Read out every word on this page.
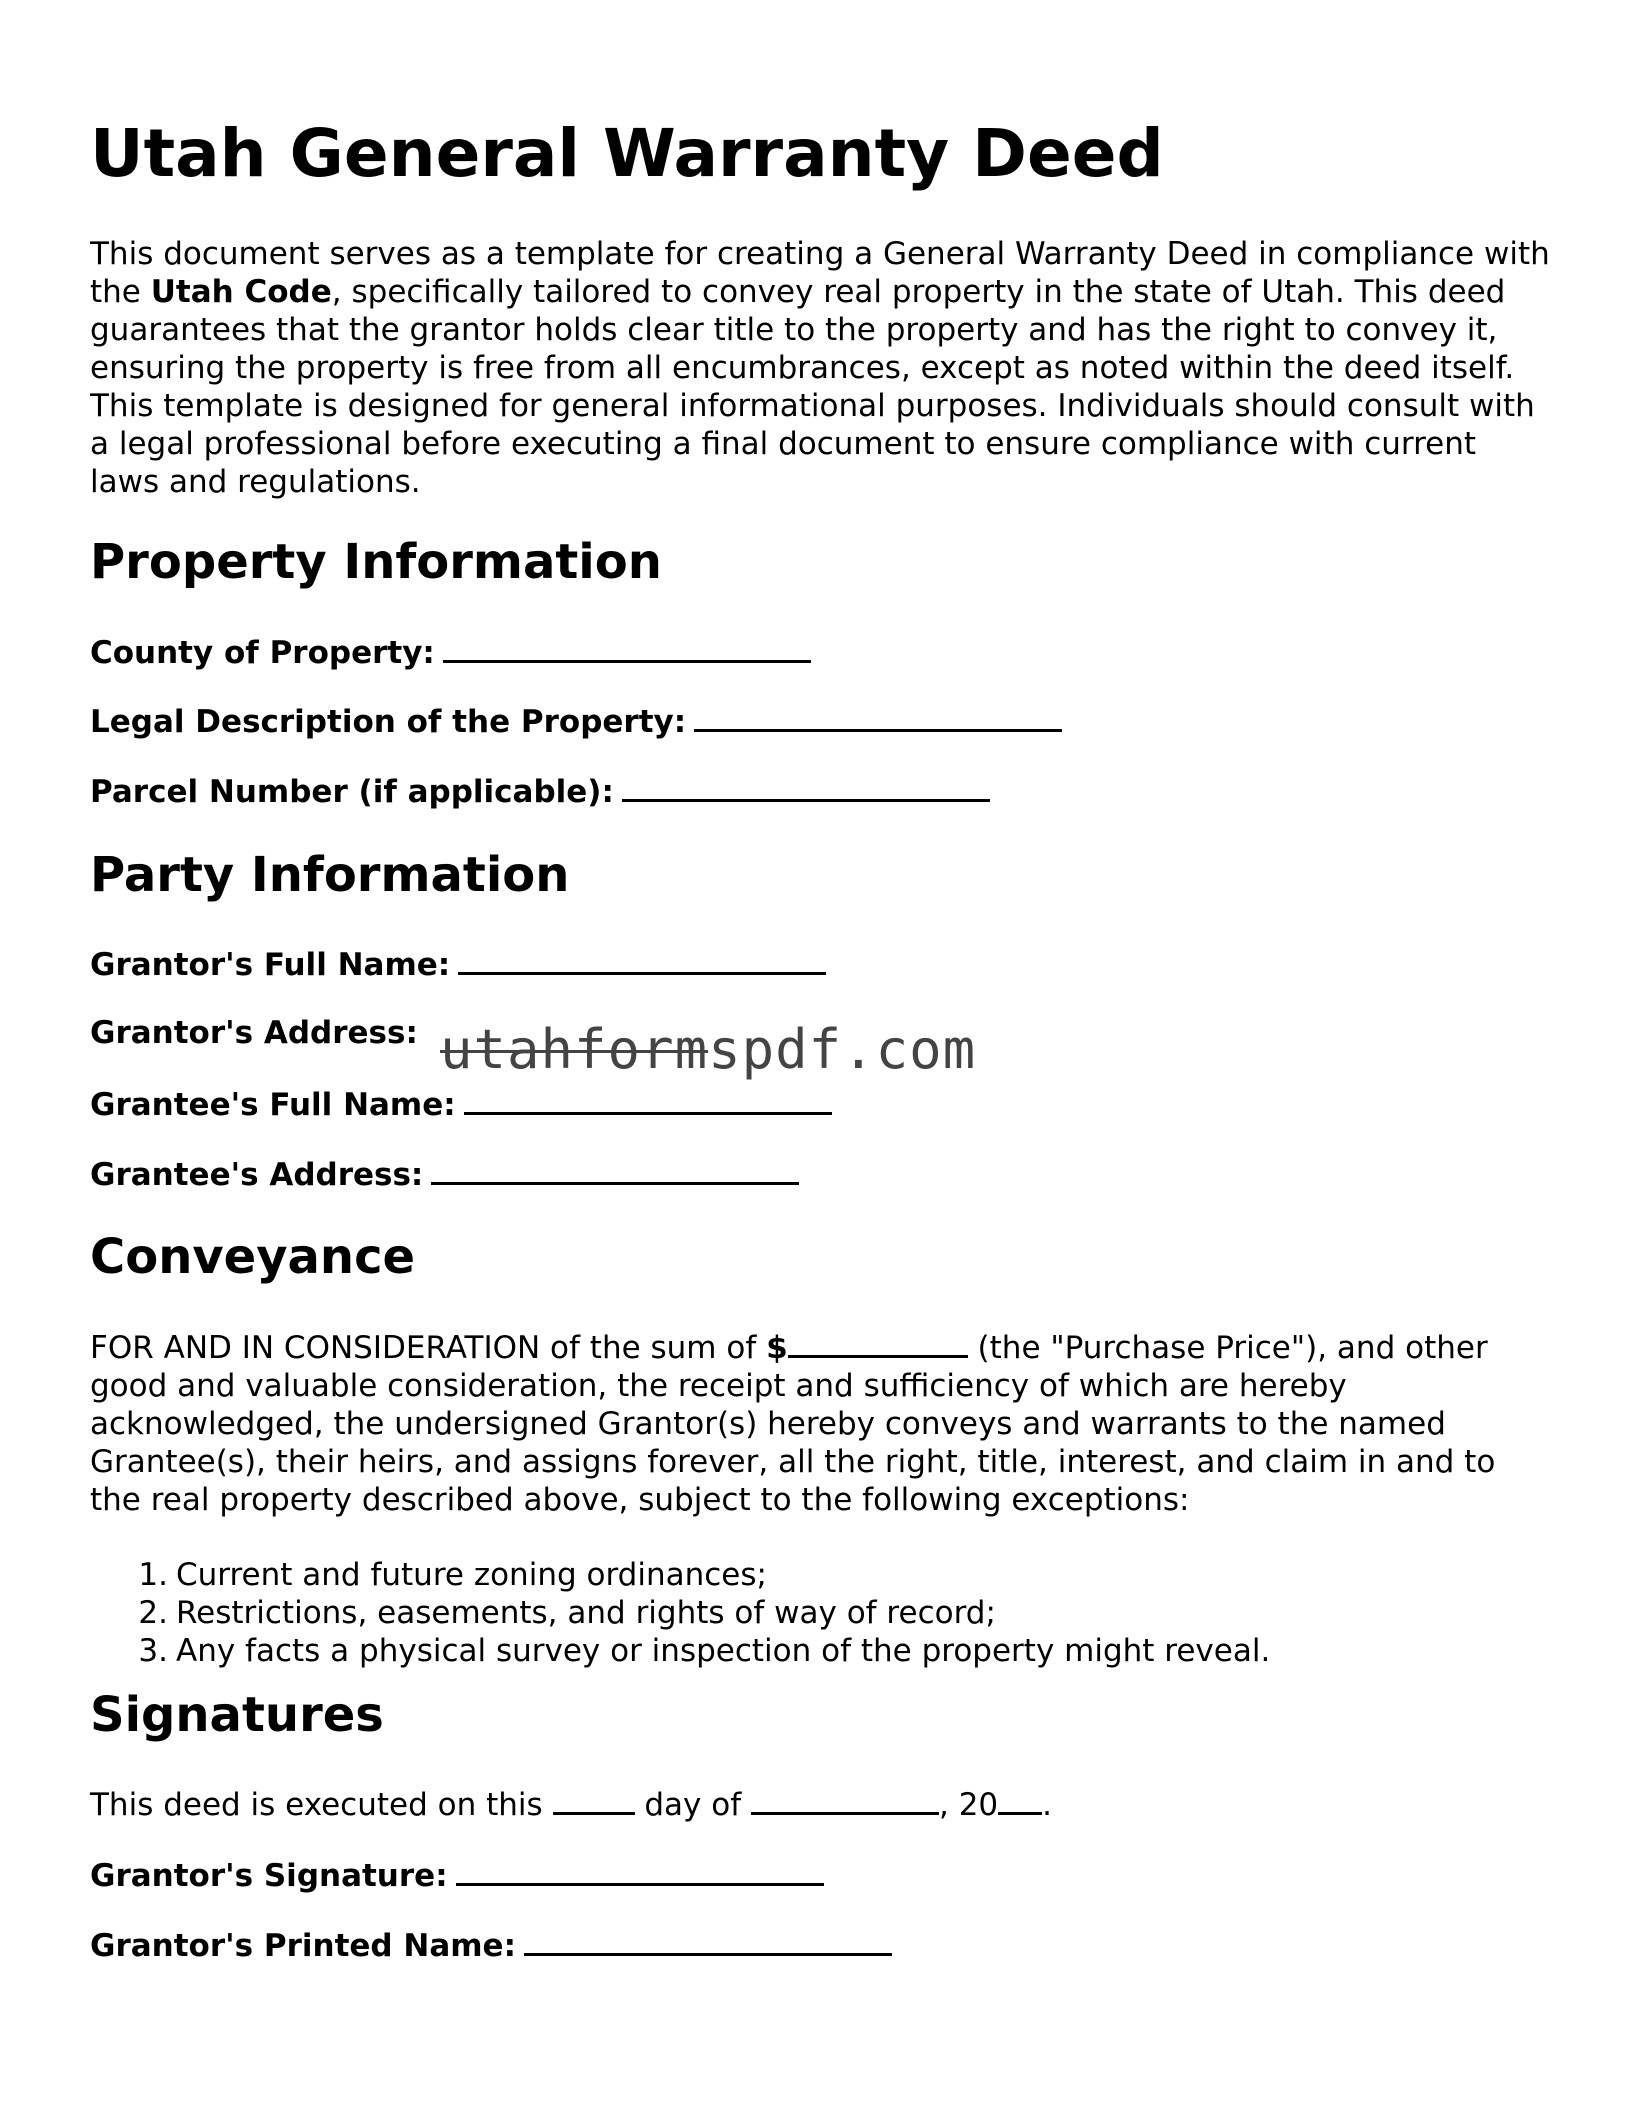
Utah General Warranty Deed

This document serves as a template for creating a General Warranty Deed in compliance with the Utah Code, specifically tailored to convey real property in the state of Utah. This deed guarantees that the grantor holds clear title to the property and has the right to convey it, ensuring the property is free from all encumbrances, except as noted within the deed itself. This template is designed for general informational purposes. Individuals should consult with a legal professional before executing a final document to ensure compliance with current laws and regulations.

Property Information
County of Property:
Legal Description of the Property:
Parcel Number (if applicable):
Party Information
Grantor's Full Name:
Grantor's Address:
Grantee's Full Name:
Grantee's Address:
Conveyance

FOR AND IN CONSIDERATION of the sum of $	(the "Purchase Price"), and other good and valuable consideration, the receipt and sufficiency of which are hereby acknowledged, the undersigned Grantor(s) hereby conveys and warrants to the named Grantee(s), their heirs, and assigns forever, all the right, title, interest, and claim in and to the real property described above, subject to the following exceptions:

1. Current and future zoning ordinances;
2. Restrictions, easements, and rights of way of record;
3. Any facts a physical survey or inspection of the property might reveal.
Signatures
This deed is executed on this	day of	, 20 .
Grantor's Signature:
Grantor's Printed Name:
utahformspdf.com
